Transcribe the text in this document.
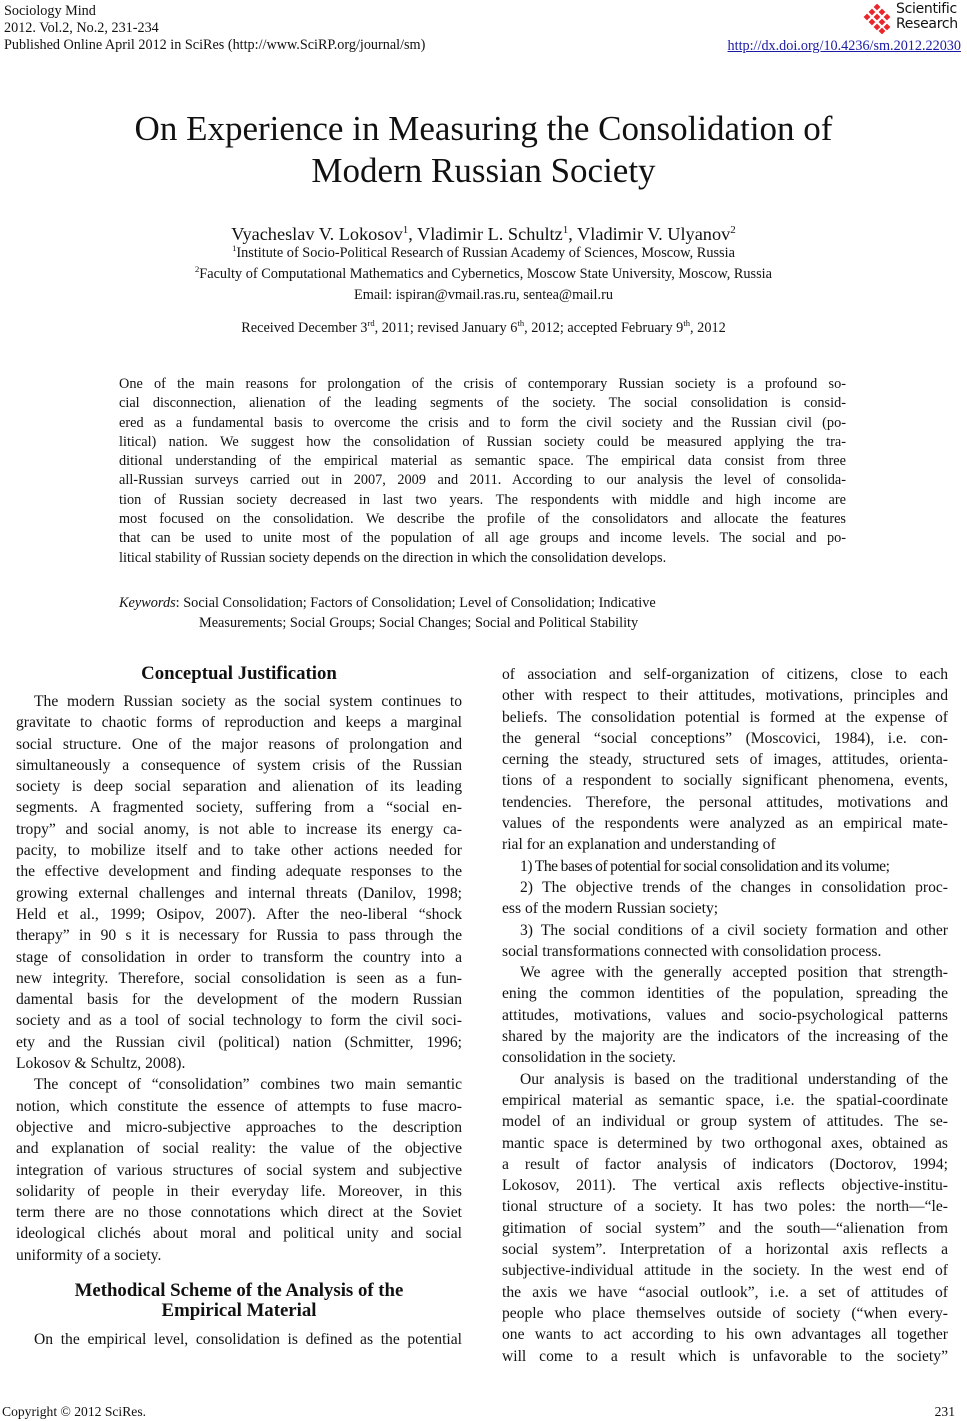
Sociology Mind
2012. Vol.2, No.2, 231-234
Published Online April 2012 in SciRes (http://www.SciRP.org/journal/sm)
Scientific
Research
http://dx.doi.org/10.4236/sm.2012.22030
On Experience in Measuring the Consolidation of
Modern Russian Society
Vyacheslav V. Lokosov$^1$, Vladimir L. Schultz$^1$, Vladimir V. Ulyanov$^2$
$^1$Institute of Socio-Political Research of Russian Academy of Sciences, Moscow, Russia
$^2$Faculty of Computational Mathematics and Cybernetics, Moscow State University, Moscow, Russia
Email: ispiran@vmail.ras.ru, sentea@mail.ru
Received December 3rd, 2011; revised January 6th, 2012; accepted February 9th, 2012
One of the main reasons for prolongation of the crisis of contemporary Russian society is a profound so-
cial disconnection, alienation of the leading segments of the society. The social consolidation is consid-
ered as a fundamental basis to overcome the crisis and to form the civil society and the Russian civil (po-
litical) nation. We suggest how the consolidation of Russian society could be measured applying the tra-
ditional understanding of the empirical material as semantic space. The empirical data consist from three
all-Russian surveys carried out in 2007, 2009 and 2011. According to our analysis the level of consolida-
tion of Russian society decreased in last two years. The respondents with middle and high income are
most focused on the consolidation. We describe the profile of the consolidators and allocate the features
that can be used to unite most of the population of all age groups and income levels. The social and po-
litical stability of Russian society depends on the direction in which the consolidation develops.
Keywords: Social Consolidation; Factors of Consolidation; Level of Consolidation; Indicative
Measurements; Social Groups; Social Changes; Social and Political Stability
Conceptual Justification
The modern Russian society as the social system continues to
gravitate to chaotic forms of reproduction and keeps a marginal
social structure. One of the major reasons of prolongation and
simultaneously a consequence of system crisis of the Russian
society is deep social separation and alienation of its leading
segments. A fragmented society, suffering from a “social en-
tropy” and social anomy, is not able to increase its energy ca-
pacity, to mobilize itself and to take other actions needed for
the effective development and finding adequate responses to the
growing external challenges and internal threats (Danilov, 1998;
Held et al., 1999; Osipov, 2007). After the neo-liberal “shock
therapy” in 90 s it is necessary for Russia to pass through the
stage of consolidation in order to transform the country into a
new integrity. Therefore, social consolidation is seen as a fun-
damental basis for the development of the modern Russian
society and as a tool of social technology to form the civil soci-
ety and the Russian civil (political) nation (Schmitter, 1996;
Lokosov & Schultz, 2008).
The concept of “consolidation” combines two main semantic
notion, which constitute the essence of attempts to fuse macro-
objective and micro-subjective approaches to the description
and explanation of social reality: the value of the objective
integration of various structures of social system and subjective
solidarity of people in their everyday life. Moreover, in this
term there are no those connotations which direct at the Soviet
ideological clichés about moral and political unity and social
uniformity of a society.
Methodical Scheme of the Analysis of the
Empirical Material
On the empirical level, consolidation is defined as the potential
of association and self-organization of citizens, close to each
other with respect to their attitudes, motivations, principles and
beliefs. The consolidation potential is formed at the expense of
the general “social conceptions” (Moscovici, 1984), i.e. con-
cerning the steady, structured sets of images, attitudes, orienta-
tions of a respondent to socially significant phenomena, events,
tendencies. Therefore, the personal attitudes, motivations and
values of the respondents were analyzed as an empirical mate-
rial for an explanation and understanding of
1) The bases of potential for social consolidation and its volume;
2) The objective trends of the changes in consolidation proc-
ess of the modern Russian society;
3) The social conditions of a civil society formation and other
social transformations connected with consolidation process.
We agree with the generally accepted position that strength-
ening the common identities of the population, spreading the
attitudes, motivations, values and socio-psychological patterns
shared by the majority are the indicators of the increasing of the
consolidation in the society.
Our analysis is based on the traditional understanding of the
empirical material as semantic space, i.e. the spatial-coordinate
model of an individual or group system of attitudes. The se-
mantic space is determined by two orthogonal axes, obtained as
a result of factor analysis of indicators (Doctorov, 1994;
Lokosov, 2011). The vertical axis reflects objective-institu-
tional structure of a society. It has two poles: the north—“le-
gitimation of social system” and the south—“alienation from
social system”. Interpretation of a horizontal axis reflects a
subjective-individual attitude in the society. In the west end of
the axis we have “asocial outlook”, i.e. a set of attitudes of
people who place themselves outside of society (“when every-
one wants to act according to his own advantages all together
will come to a result which is unfavorable to the society”
Copyright © 2012 SciRes.	231
